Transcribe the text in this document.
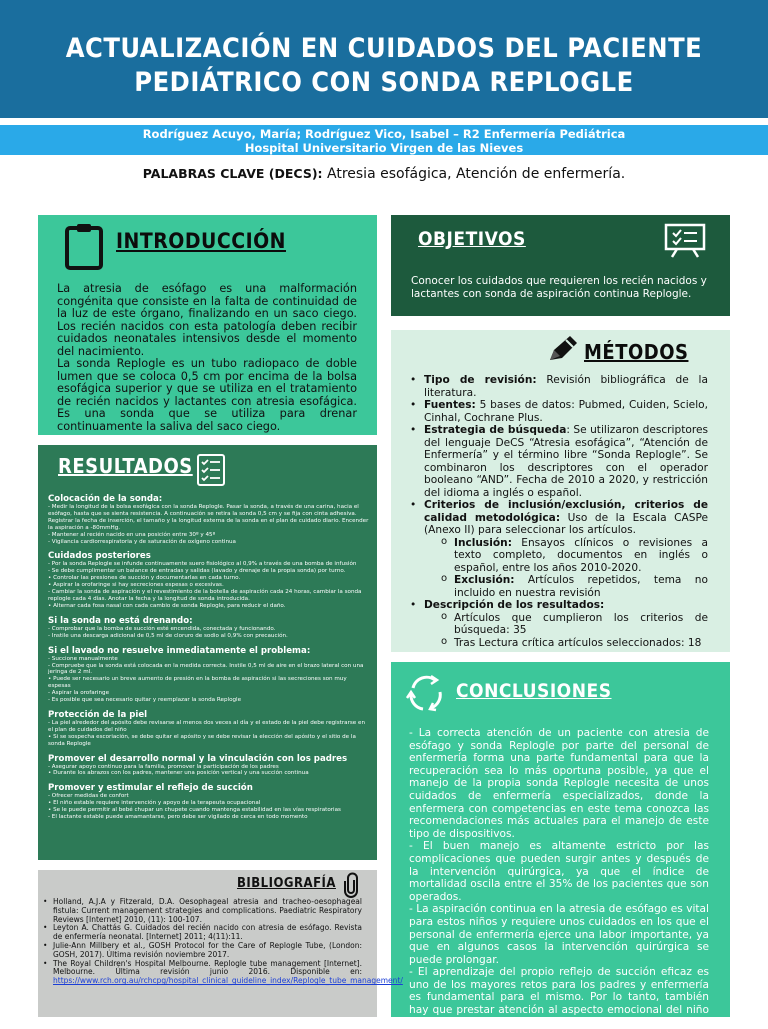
ACTUALIZACIÓN EN CUIDADOS DEL PACIENTE
PEDIÁTRICO CON SONDA REPLOGLE
Rodríguez Acuyo, María; Rodríguez Vico, Isabel – R2 Enfermería Pediátrica
Hospital Universitario Virgen de las Nieves
PALABRAS CLAVE (DECS): Atresia esofágica, Atención de enfermería.
INTRODUCCIÓN
La atresia de esófago es una malformación congénita que consiste en la falta de continuidad de la luz de este órgano, finalizando en un saco ciego. Los recién nacidos con esta patología deben recibir cuidados neonatales intensivos desde el momento del nacimiento.
La sonda Replogle es un tubo radiopaco de doble lumen que se coloca 0,5 cm por encima de la bolsa esofágica superior y que se utiliza en el tratamiento de recién nacidos y lactantes con atresia esofágica. Es una sonda que se utiliza para drenar continuamente la saliva del saco ciego.
OBJETIVOS
Conocer los cuidados que requieren los recién nacidos y lactantes con sonda de aspiración continua Replogle.
MÉTODOS
• Tipo de revisión: Revisión bibliográfica de la literatura.
• Fuentes: 5 bases de datos: Pubmed, Cuiden, Scielo, Cinhal, Cochrane Plus.
• Estrategia de búsqueda: Se utilizaron descriptores del lenguaje DeCS “Atresia esofágica”, “Atención de Enfermería” y el término libre “Sonda Replogle”. Se combinaron los descriptores con el operador booleano “AND”. Fecha de 2010 a 2020, y restricción del idioma a inglés o español.
• Criterios de inclusión/exclusión, criterios de calidad metodológica: Uso de la Escala CASPe (Anexo II) para seleccionar los artículos.
o Inclusión: Ensayos clínicos o revisiones a texto completo, documentos en inglés o español, entre los años 2010-2020.
o Exclusión: Artículos repetidos, tema no incluido en nuestra revisión
• Descripción de los resultados:
o Artículos que cumplieron los criterios de búsqueda: 35
o Tras Lectura crítica artículos seleccionados: 18
RESULTADOS
Colocación de la sonda:
- Medir la longitud de la bolsa esofágica con la sonda Replogle. Pasar la sonda, a través de una carina, hacia el esófago, hasta que se sienta resistencia. A continuación se retira la sonda 0,5 cm y se fija con cinta adhesiva. Registrar la fecha de inserción, el tamaño y la longitud externa de la sonda en el plan de cuidado diario. Encender la aspiración a -80mmHg.
- Mantener al recién nacido en una posición entre 30º y 45º
- Vigilancia cardiorrespiratoria y de saturación de oxígeno continua
Cuidados posteriores
- Por la sonda Replogle se infunde continuamente suero fisiológico al 0,9% a través de una bomba de infusión
- Se debe cumplimentar un balance de entradas y salidas (lavado y drenaje de la propia sonda) por turno.
• Controlar las presiones de succión y documentarlas en cada turno.
• Aspirar la orofaringe si hay secreciones espesas o excesivas.
- Cambiar la sonda de aspiración y el revestimiento de la botella de aspiración cada 24 horas, cambiar la sonda replogle cada 4 días. Anotar la fecha y la longitud de sonda introducida.
• Alternar cada fosa nasal con cada cambio de sonda Replogle, para reducir el daño.
Si la sonda no está drenando:
- Comprobar que la bomba de succión esté encendida, conectada y funcionando.
- Instile una descarga adicional de 0,5 ml de cloruro de sodio al 0,9% con precaución.
Si el lavado no resuelve inmediatamente el problema:
- Succione manualmente
- Compruebe que la sonda está colocada en la medida correcta. Instile 0,5 ml de aire en el brazo lateral con una jeringa de 2 ml.
• Puede ser necesario un breve aumento de presión en la bomba de aspiración si las secreciones son muy espesas
- Aspirar la orofaringe
- Es posible que sea necesario quitar y reemplazar la sonda Replogle
Protección de la piel
- La piel alrededor del apósito debe revisarse al menos dos veces al día y el estado de la piel debe registrarse en el plan de cuidados del niño
• Si se sospecha escoriación, se debe quitar el apósito y se debe revisar la elección del apósito y el sitio de la sonda Replogle
Promover el desarrollo normal y la vinculación con los padres
- Asegurar apoyo continuo para la familia, promover la participación de los padres
• Durante los abrazos con los padres, mantener una posición vertical y una succión continua
Promover y estimular el reflejo de succión
- Ofrecer medidas de confort
• El niño estable requiere intervención y apoyo de la terapeuta ocupacional
• Se le puede permitir al bebé chupar un chupete cuando mantenga estabilidad en las vías respiratorias
- El lactante estable puede amamantarse, pero debe ser vigilado de cerca en todo momento
CONCLUSIONES

- La correcta atención de un paciente con atresia de esófago y sonda Replogle por parte del personal de enfermería forma una parte fundamental para que la recuperación sea lo más oportuna posible, ya que el manejo de la propia sonda Replogle necesita de unos cuidados de enfermería especializados, donde la enfermera con competencias en este tema conozca las recomendaciones más actuales para el manejo de este tipo de dispositivos.

- El buen manejo es altamente estricto por las complicaciones que pueden surgir antes y después de la intervención quirúrgica, ya que el índice de mortalidad oscila entre el 35% de los pacientes que son operados.

- La aspiración continua en la atresia de esófago es vital para estos niños y requiere unos cuidados en los que el personal de enfermería ejerce una labor importante, ya que en algunos casos la intervención quirúrgica se puede prolongar.

- El aprendizaje del propio reflejo de succión eficaz es uno de los mayores retos para los padres y enfermería es fundamental para el mismo. Por lo tanto, también hay que prestar atención al aspecto emocional del niño y la familia.

BIBLIOGRAFÍA
• Holland, A.J.A y Fitzerald, D.A. Oesophageal atresia and tracheo-oesophageal fistula: Current management strategies and complications. Paediatric Respiratory Reviews [Internet] 2010, (11): 100-107.
• Leyton A. Chattás G. Cuidados del recién nacido con atresia de esófago. Revista de enfermería neonatal. [Internet] 2011; 4(11):11.
• Julie-Ann Millbery et al., GOSH Protocol for the Care of Replogle Tube, (London: GOSH, 2017). Última revisión noviembre 2017.
• The Royal Children's Hospital Melbourne. Replogle tube management [Internet]. Melbourne. Última revisión junio 2016. Disponible en: https://www.rch.org.au/rchcpg/hospital_clinical_guideline_index/Replogle_tube_management/
